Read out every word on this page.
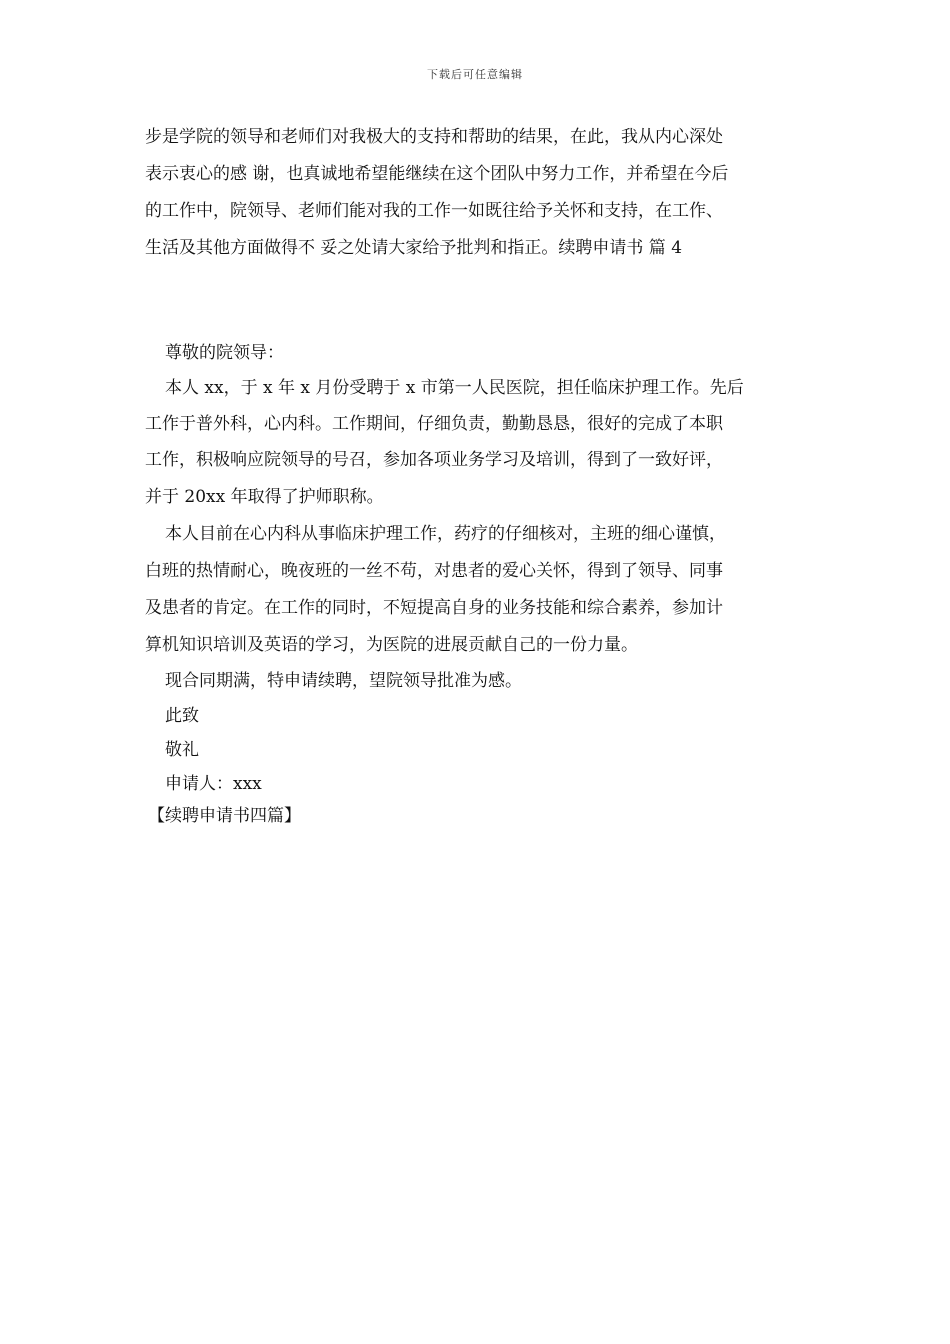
下载后可任意编辑
步是学院的领导和老师们对我极大的支持和帮助的结果，在此，我从内心深处
表示衷心的感 谢，也真诚地希望能继续在这个团队中努力工作，并希望在今后
的工作中，院领导、老师们能对我的工作一如既往给予关怀和支持，在工作、
生活及其他方面做得不 妥之处请大家给予批判和指正。续聘申请书 篇 4
尊敬的院领导：
本人 xx，于 x 年 x 月份受聘于 x 市第一人民医院，担任临床护理工作。先后
工作于普外科，心内科。工作期间，仔细负责，勤勤恳恳，很好的完成了本职
工作，积极响应院领导的号召，参加各项业务学习及培训，得到了一致好评，
并于 20xx 年取得了护师职称。
本人目前在心内科从事临床护理工作，药疗的仔细核对，主班的细心谨慎，
白班的热情耐心，晚夜班的一丝不苟，对患者的爱心关怀，得到了领导、同事
及患者的肯定。在工作的同时，不短提高自身的业务技能和综合素养，参加计
算机知识培训及英语的学习，为医院的进展贡献自己的一份力量。
现合同期满，特申请续聘，望院领导批准为感。
此致
敬礼
申请人：xxx
【续聘申请书四篇】
